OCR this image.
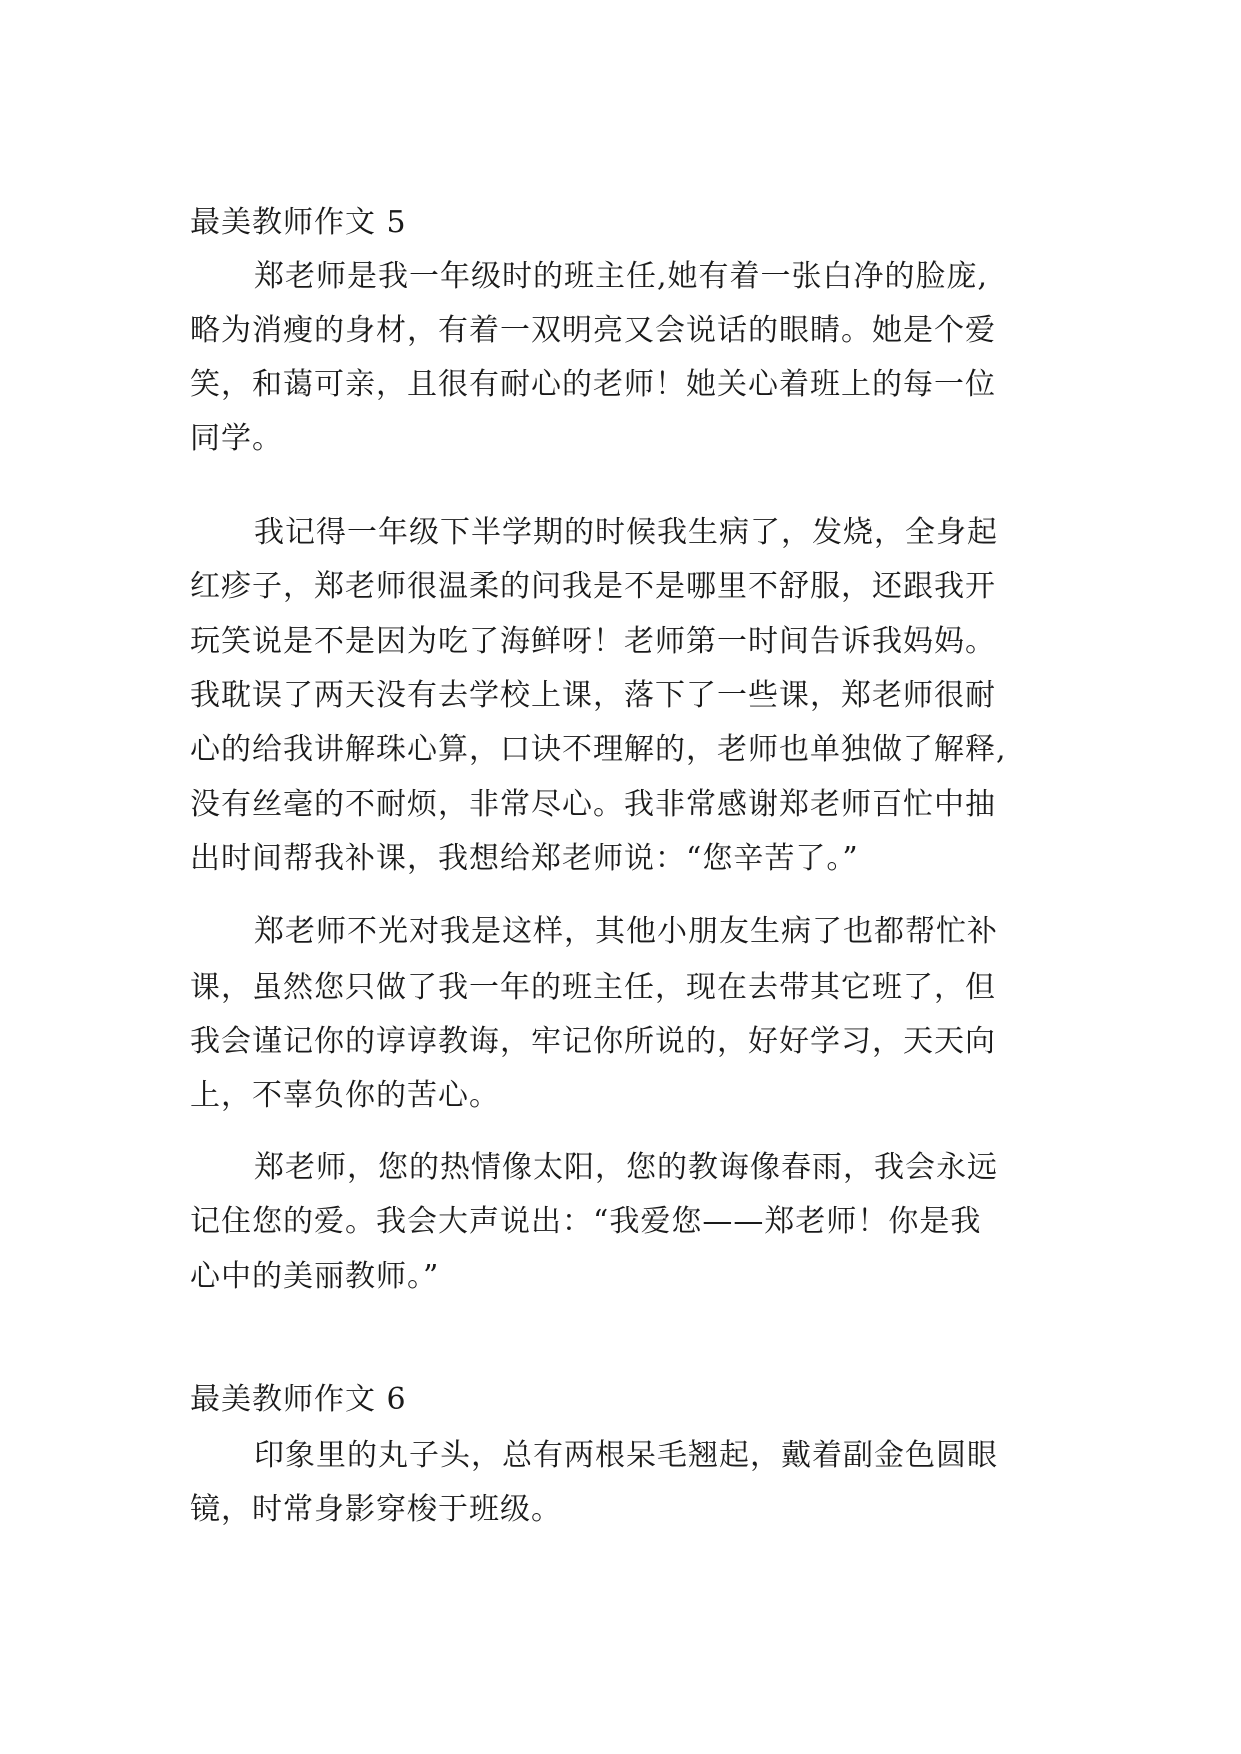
最美教师作文 5
郑老师是我一年级时的班主任,她有着一张白净的脸庞,
略为消瘦的身材，有着一双明亮又会说话的眼睛。她是个爱
笑，和蔼可亲，且很有耐心的老师！她关心着班上的每一位
同学。
我记得一年级下半学期的时候我生病了，发烧，全身起
红疹子，郑老师很温柔的问我是不是哪里不舒服，还跟我开
玩笑说是不是因为吃了海鲜呀！老师第一时间告诉我妈妈。
我耽误了两天没有去学校上课，落下了一些课，郑老师很耐
心的给我讲解珠心算，口诀不理解的，老师也单独做了解释,
没有丝毫的不耐烦，非常尽心。我非常感谢郑老师百忙中抽
出时间帮我补课，我想给郑老师说：“您辛苦了。”
郑老师不光对我是这样，其他小朋友生病了也都帮忙补
课，虽然您只做了我一年的班主任，现在去带其它班了，但
我会谨记你的谆谆教诲，牢记你所说的，好好学习，天天向
上，不辜负你的苦心。
郑老师，您的热情像太阳，您的教诲像春雨，我会永远
记住您的爱。我会大声说出：“我爱您——郑老师！你是我
心中的美丽教师。”
最美教师作文 6
印象里的丸子头，总有两根呆毛翘起，戴着副金色圆眼
镜，时常身影穿梭于班级。
